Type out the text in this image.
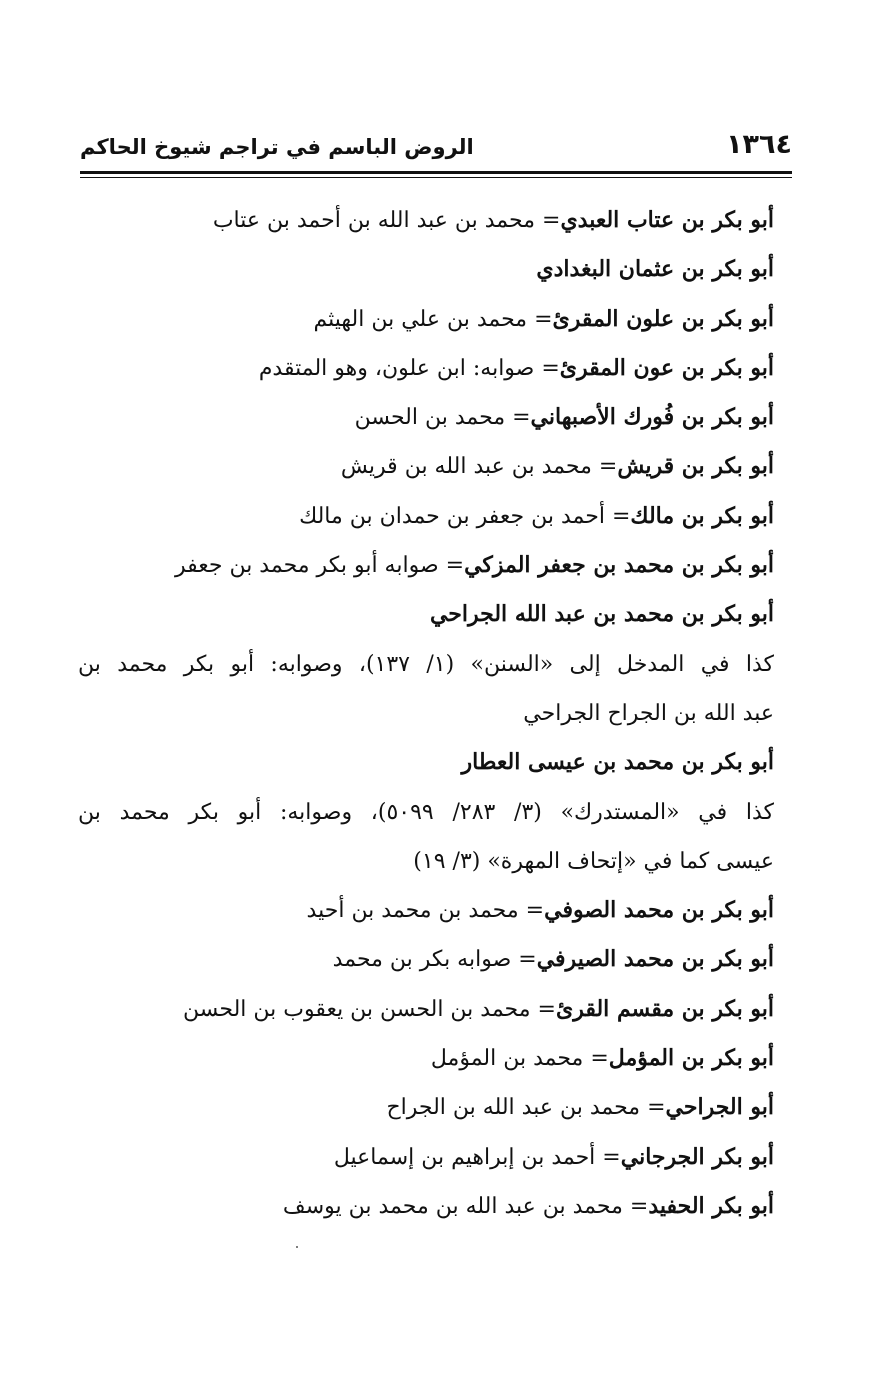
١٣٦٤
الروض الباسم في تراجم شيوخ الحاكم
أبو بكر بن عتاب العبدي= محمد بن عبد الله بن أحمد بن عتاب
أبو بكر بن عثمان البغدادي
أبو بكر بن علون المقرئ= محمد بن علي بن الهيثم
أبو بكر بن عون المقرئ= صوابه: ابن علون، وهو المتقدم
أبو بكر بن فُورك الأصبهاني= محمد بن الحسن
أبو بكر بن قريش= محمد بن عبد الله بن قريش
أبو بكر بن مالك= أحمد بن جعفر بن حمدان بن مالك
أبو بكر بن محمد بن جعفر المزكي= صوابه أبو بكر محمد بن جعفر
أبو بكر بن محمد بن عبد الله الجراحي
كذا في المدخل إلى «السنن» (١/ ١٣٧)، وصوابه: أبو بكر محمد بن
عبد الله بن الجراح الجراحي
أبو بكر بن محمد بن عيسى العطار
كذا في «المستدرك» (٣/ ٢٨٣/ ٥٠٩٩)، وصوابه: أبو بكر محمد بن
عيسى كما في «إتحاف المهرة» (٣/ ١٩)
أبو بكر بن محمد الصوفي= محمد بن محمد بن أحيد
أبو بكر بن محمد الصيرفي= صوابه بكر بن محمد
أبو بكر بن مقسم القرئ= محمد بن الحسن بن يعقوب بن الحسن
أبو بكر بن المؤمل= محمد بن المؤمل
أبو الجراحي= محمد بن عبد الله بن الجراح
أبو بكر الجرجاني= أحمد بن إبراهيم بن إسماعيل
أبو بكر الحفيد= محمد بن عبد الله بن محمد بن يوسف
